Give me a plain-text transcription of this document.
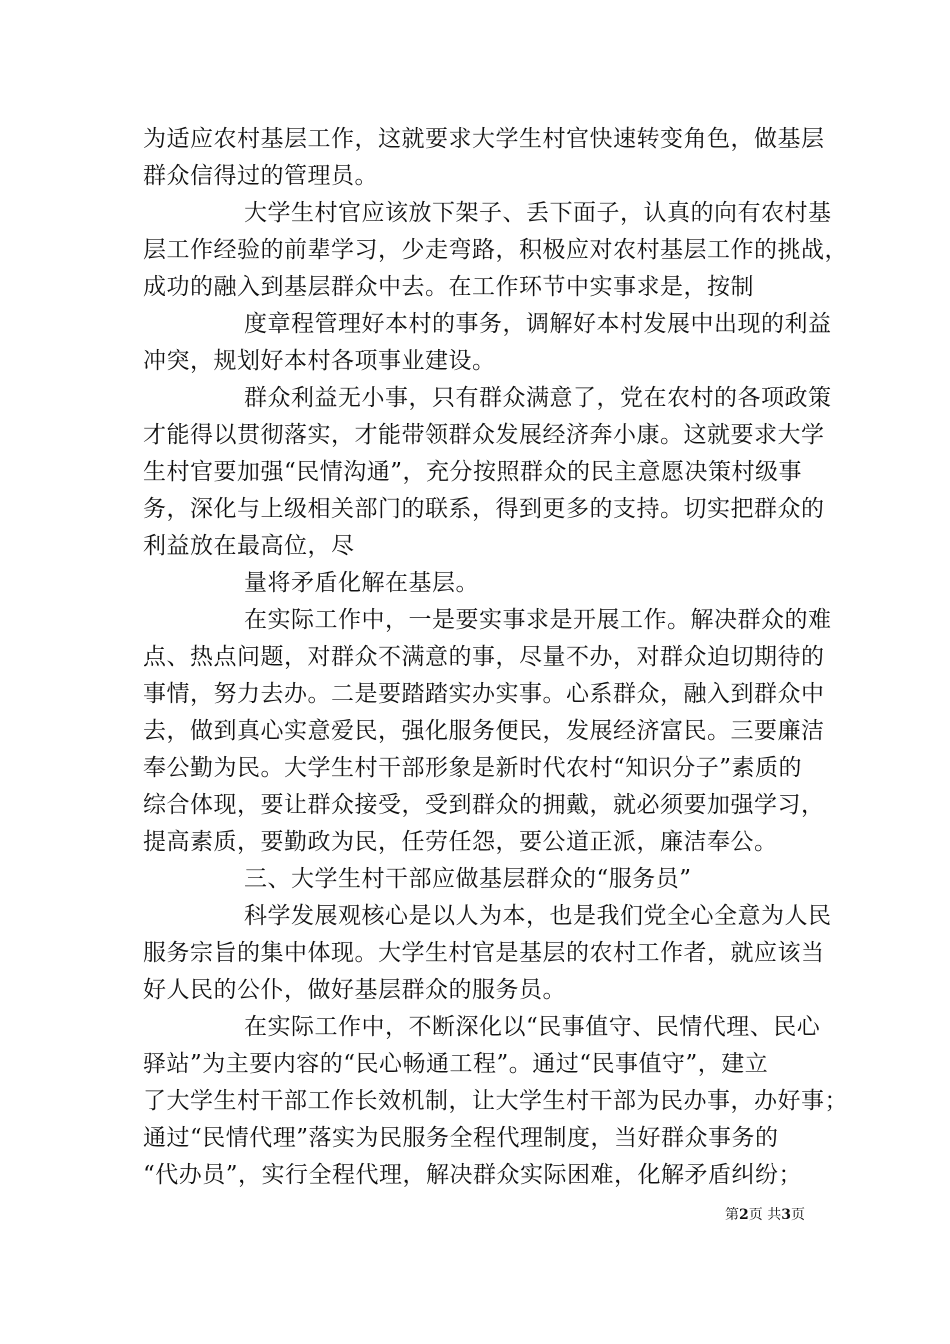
为适应农村基层工作，这就要求大学生村官快速转变角色，做基层
群众信得过的管理员。
大学生村官应该放下架子、丢下面子，认真的向有农村基
层工作经验的前辈学习，少走弯路，积极应对农村基层工作的挑战，
成功的融入到基层群众中去。在工作环节中实事求是，按制
度章程管理好本村的事务，调解好本村发展中出现的利益
冲突，规划好本村各项事业建设。
群众利益无小事，只有群众满意了，党在农村的各项政策
才能得以贯彻落实，才能带领群众发展经济奔小康。这就要求大学
生村官要加强“民情沟通”，充分按照群众的民主意愿决策村级事
务，深化与上级相关部门的联系，得到更多的支持。切实把群众的
利益放在最高位，尽
量将矛盾化解在基层。
在实际工作中，一是要实事求是开展工作。解决群众的难
点、热点问题，对群众不满意的事，尽量不办，对群众迫切期待的
事情，努力去办。二是要踏踏实办实事。心系群众，融入到群众中
去，做到真心实意爱民，强化服务便民，发展经济富民。三要廉洁
奉公勤为民。大学生村干部形象是新时代农村“知识分子”素质的
综合体现，要让群众接受，受到群众的拥戴，就必须要加强学习，
提高素质，要勤政为民，任劳任怨，要公道正派，廉洁奉公。
三、大学生村干部应做基层群众的“服务员”
科学发展观核心是以人为本，也是我们党全心全意为人民
服务宗旨的集中体现。大学生村官是基层的农村工作者，就应该当
好人民的公仆，做好基层群众的服务员。
在实际工作中，不断深化以“民事值守、民情代理、民心
驿站”为主要内容的“民心畅通工程”。通过“民事值守”，建立
了大学生村干部工作长效机制，让大学生村干部为民办事，办好事；
通过“民情代理”落实为民服务全程代理制度，当好群众事务的
“代办员”，实行全程代理，解决群众实际困难，化解矛盾纠纷；
第2页 共3页
